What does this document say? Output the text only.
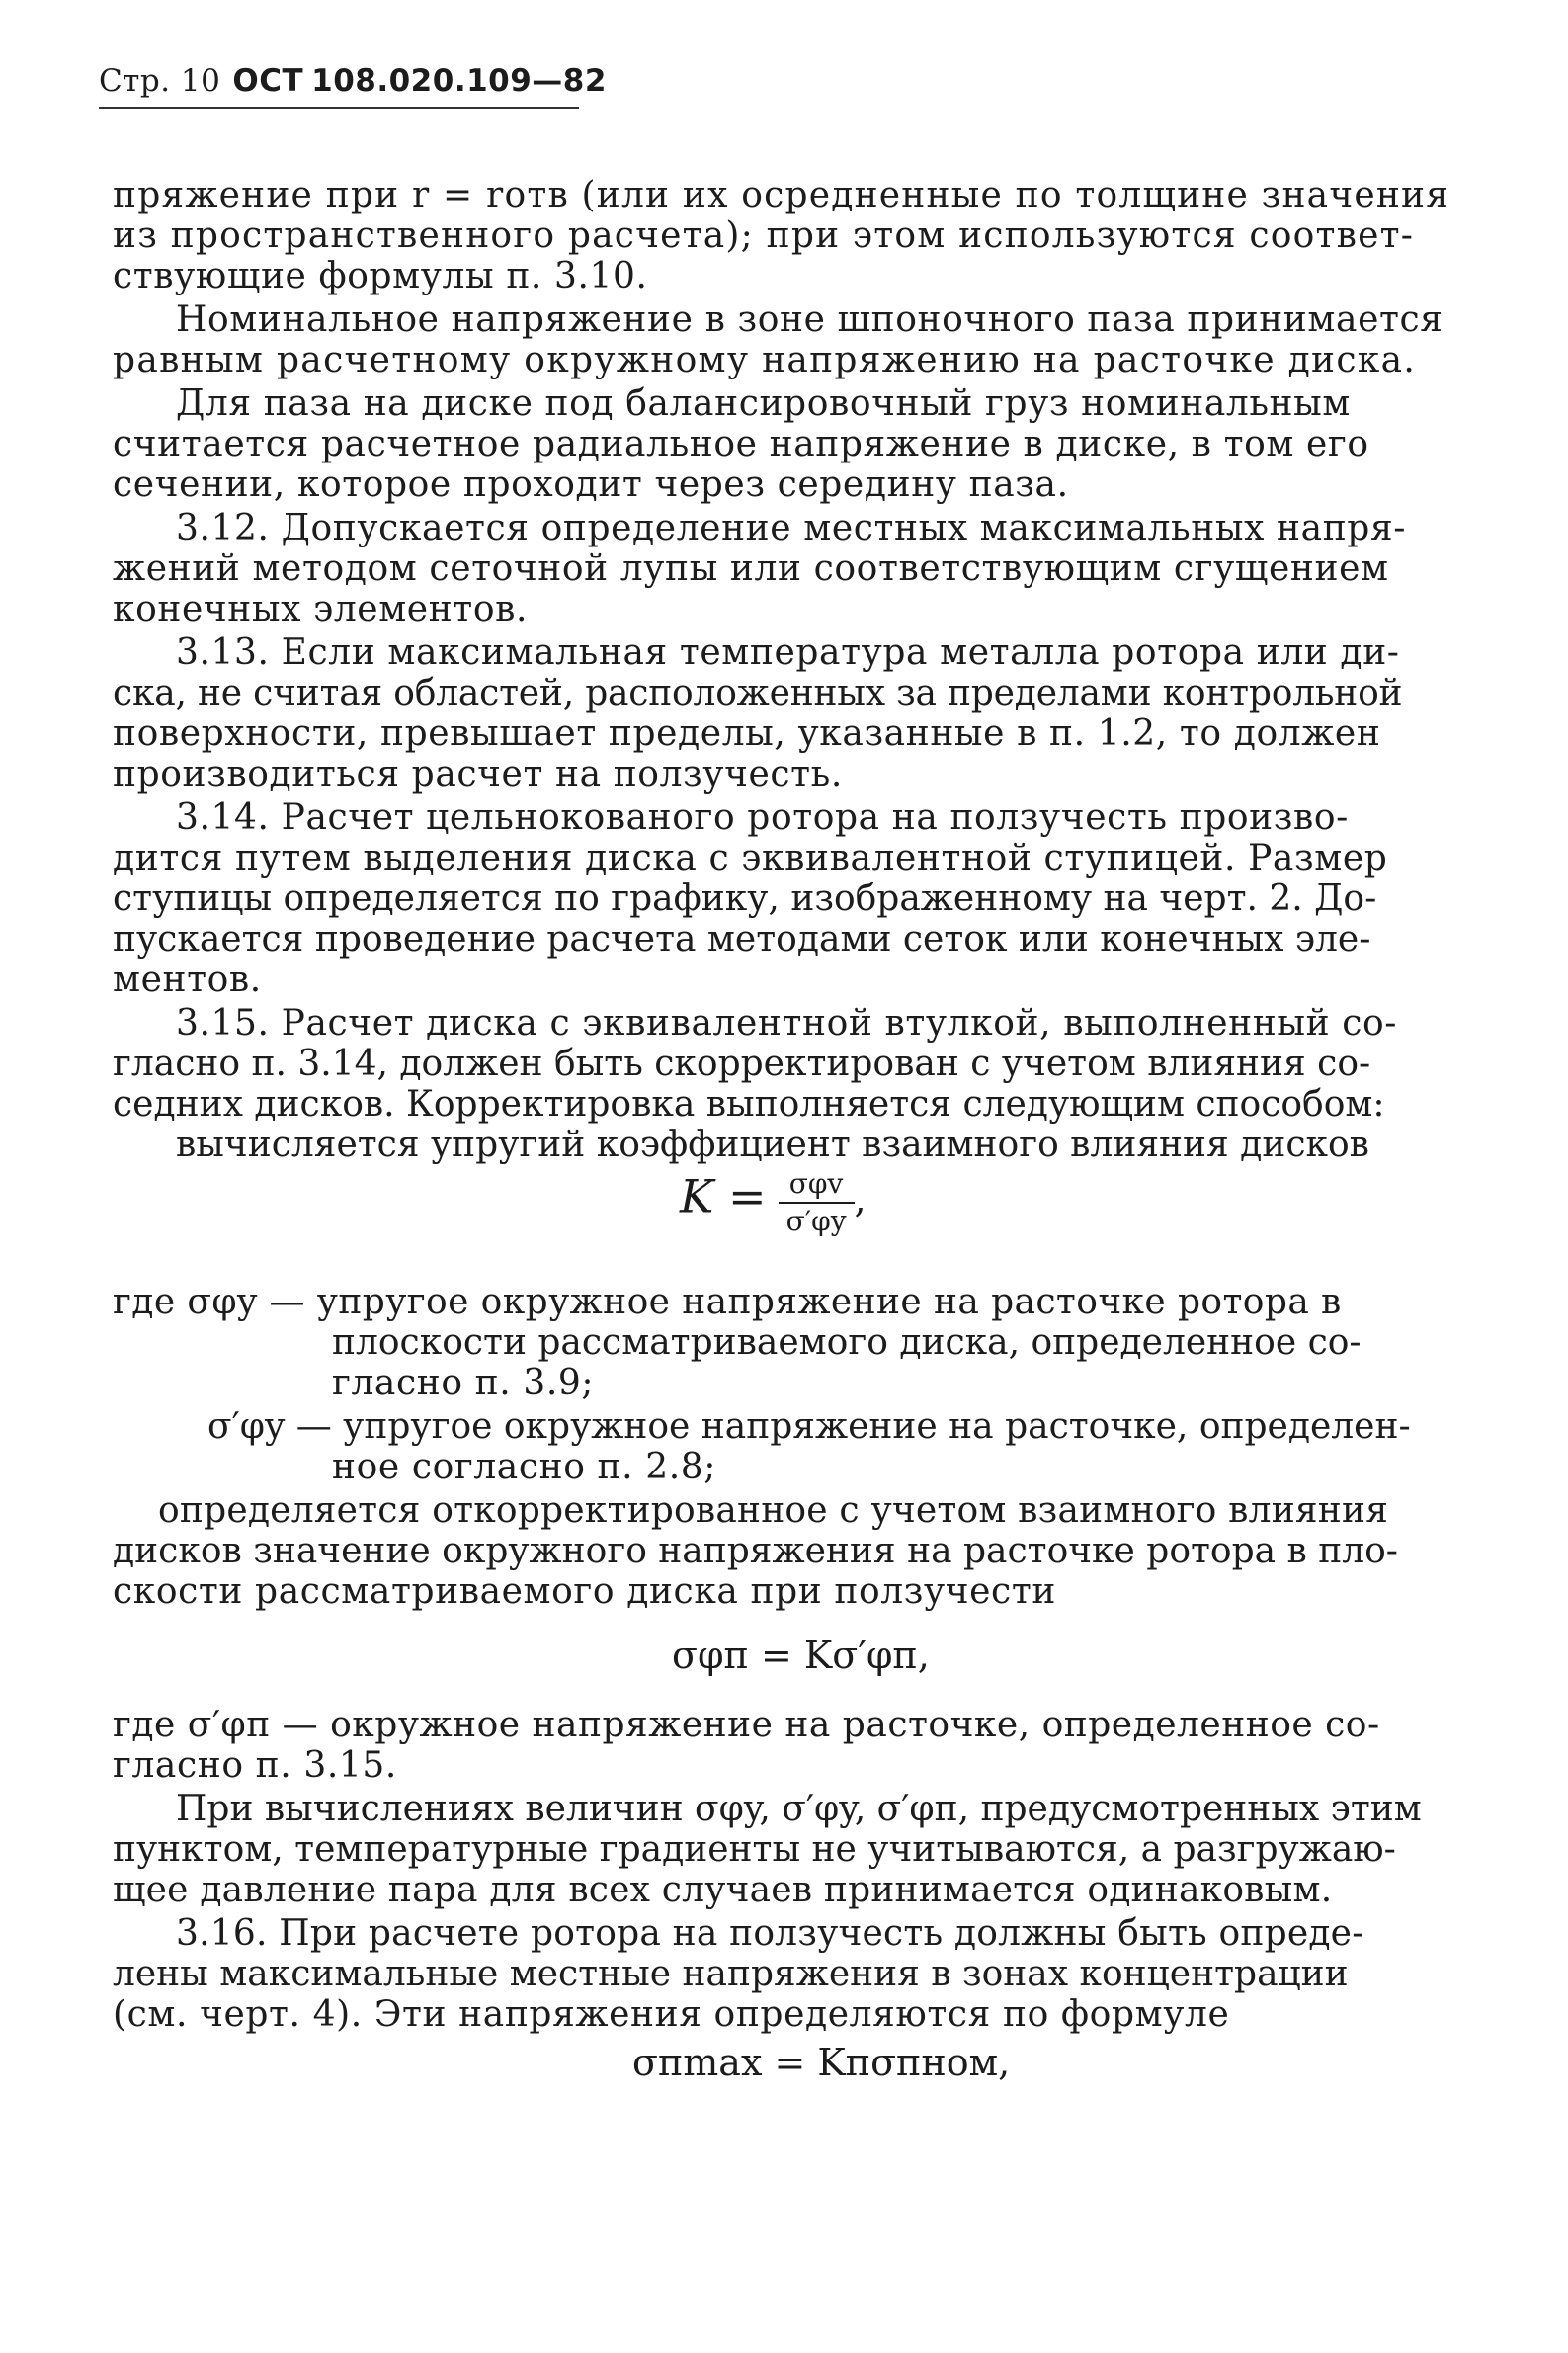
Стр. 10 ОСТ 108.020.109—82
пряжение при r = rотв (или их осредненные по толщине значения
из пространственного расчета); при этом используются соответ-
ствующие формулы п. 3.10.
Номинальное напряжение в зоне шпоночного паза принимается
равным расчетному окружному напряжению на расточке диска.
Для паза на диске под балансировочный груз номинальным
считается расчетное радиальное напряжение в диске, в том его
сечении, которое проходит через середину паза.
3.12. Допускается определение местных максимальных напря-
жений методом сеточной лупы или соответствующим сгущением
конечных элементов.
3.13. Если максимальная температура металла ротора или ди-
ска, не считая областей, расположенных за пределами контрольной
поверхности, превышает пределы, указанные в п. 1.2, то должен
производиться расчет на ползучесть.
3.14. Расчет цельнокованого ротора на ползучесть произво-
дится путем выделения диска с эквивалентной ступицей. Размер
ступицы определяется по графику, изображенному на черт. 2. До-
пускается проведение расчета методами сеток или конечных эле-
ментов.
3.15. Расчет диска с эквивалентной втулкой, выполненный со-
гласно п. 3.14, должен быть скорректирован с учетом влияния со-
седних дисков. Корректировка выполняется следующим способом:
вычисляется упругий коэффициент взаимного влияния дисков
$K = \frac{\text{σφv}}{\sigma'\varphi y}$ ,
где σφy — упругое окружное напряжение на расточке ротора в
плоскости рассматриваемого диска, определенное со-
гласно п. 3.9;
σ′φy — упругое окружное напряжение на расточке, определен-
ное согласно п. 2.8;
определяется откорректированное с учетом взаимного влияния
дисков значение окружного напряжения на расточке ротора в пло-
скости рассматриваемого диска при ползучести
σφп = Kσ′φп,
где σ′φп — окружное напряжение на расточке, определенное со-
гласно п. 3.15.
При вычислениях величин σφy, σ′φy, σ′φп, предусмотренных этим
пунктом, температурные градиенты не учитываются, а разгружаю-
щее давление пара для всех случаев принимается одинаковым.
3.16. При расчете ротора на ползучесть должны быть опреде-
лены максимальные местные напряжения в зонах концентрации
(см. черт. 4). Эти напряжения определяются по формуле
σпmax = Kпσпном,
